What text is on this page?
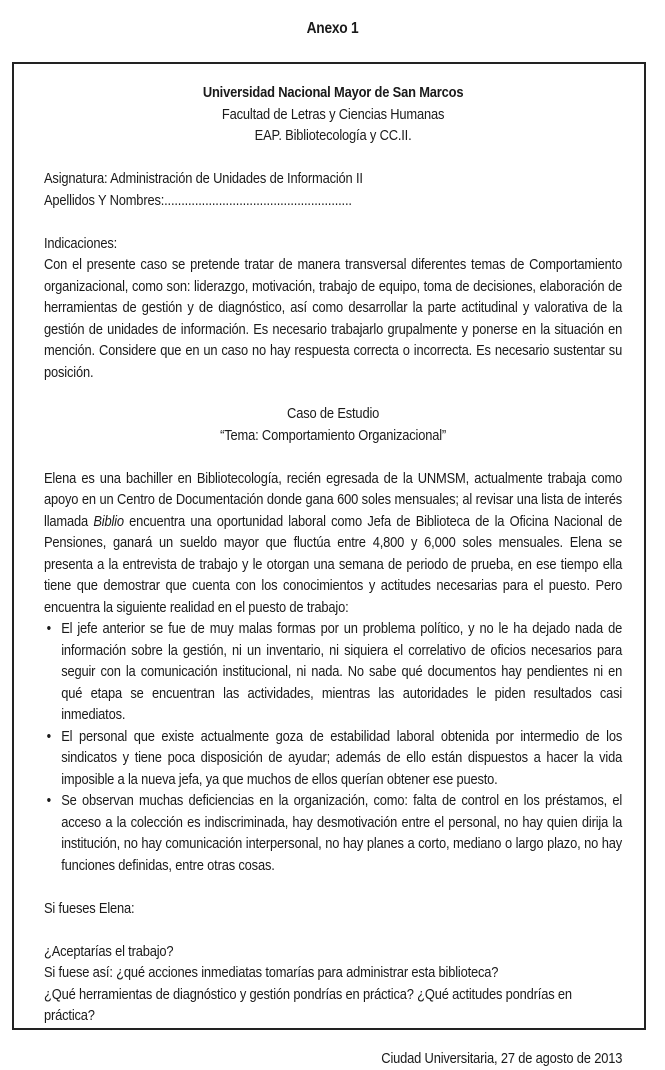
Anexo 1
Universidad Nacional Mayor de San Marcos
Facultad de Letras y Ciencias Humanas
EAP. Bibliotecología y CC.II.
Asignatura: Administración de Unidades de Información II
Apellidos Y Nombres:.......................................................
Indicaciones:
Con el presente caso se pretende tratar de manera transversal diferentes temas de Comportamiento organizacional, como son: liderazgo, motivación, trabajo de equipo, toma de decisiones, elaboración de herramientas de gestión y de diagnóstico, así como desarrollar la parte actitudinal y valorativa de la gestión de unidades de información. Es necesario trabajarlo grupalmente y ponerse en la situación en mención. Considere que en un caso no hay respuesta correcta o incorrecta. Es necesario sustentar su posición.
Caso de Estudio
“Tema: Comportamiento Organizacional”
Elena es una bachiller en Bibliotecología, recién egresada de la UNMSM, actualmente trabaja como apoyo en un Centro de Documentación donde gana 600 soles mensuales; al revisar una lista de interés llamada Biblio encuentra una oportunidad laboral como Jefa de Biblioteca de la Oficina Nacional de Pensiones, ganará un sueldo mayor que fluctúa entre 4,800 y 6,000 soles mensuales. Elena se presenta a la entrevista de trabajo y le otorgan una semana de periodo de prueba, en ese tiempo ella tiene que demostrar que cuenta con los conocimientos y actitudes necesarias para el puesto. Pero encuentra la siguiente realidad en el puesto de trabajo:
• El jefe anterior se fue de muy malas formas por un problema político, y no le ha dejado nada de información sobre la gestión, ni un inventario, ni siquiera el correlativo de oficios necesarios para seguir con la comunicación institucional, ni nada. No sabe qué documentos hay pendientes ni en qué etapa se encuentran las actividades, mientras las autoridades le piden resultados casi inmediatos.
• El personal que existe actualmente goza de estabilidad laboral obtenida por intermedio de los sindicatos y tiene poca disposición de ayudar; además de ello están dispuestos a hacer la vida imposible a la nueva jefa, ya que muchos de ellos querían obtener ese puesto.
• Se observan muchas deficiencias en la organización, como: falta de control en los préstamos, el acceso a la colección es indiscriminada, hay desmotivación entre el personal, no hay quien dirija la institución, no hay comunicación interpersonal, no hay planes a corto, mediano o largo plazo, no hay funciones definidas, entre otras cosas.
Si fueses Elena:
¿Aceptarías el trabajo?
Si fuese así: ¿qué acciones inmediatas tomarías para administrar esta biblioteca?
¿Qué herramientas de diagnóstico y gestión pondrías en práctica? ¿Qué actitudes pondrías en práctica?
Ciudad Universitaria, 27 de agosto de 2013
